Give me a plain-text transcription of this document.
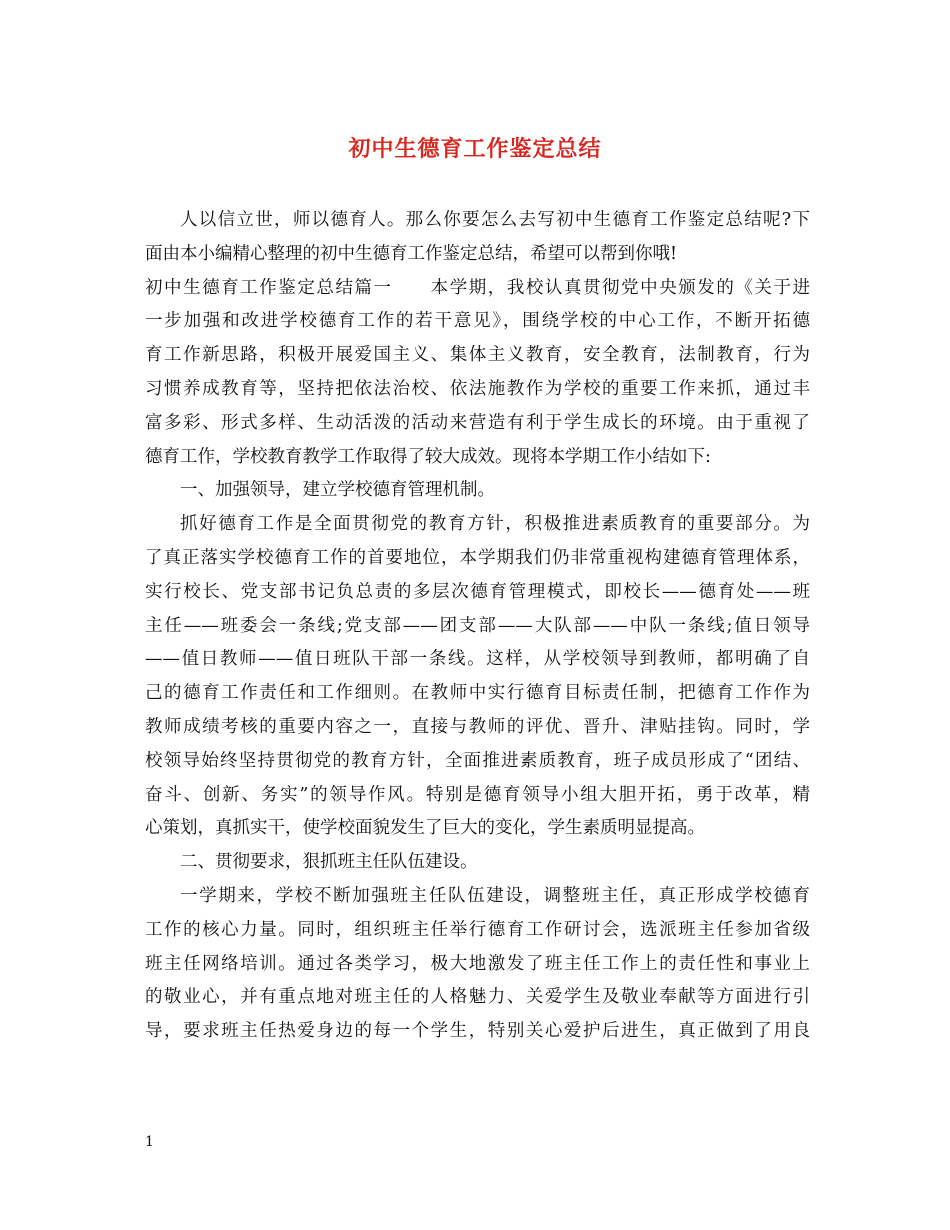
初中生德育工作鉴定总结
人以信立世，师以德育人。那么你要怎么去写初中生德育工作鉴定总结呢?下
面由本小编精心整理的初中生德育工作鉴定总结，希望可以帮到你哦!
初中生德育工作鉴定总结篇一　　本学期，我校认真贯彻党中央颁发的《关于进
一步加强和改进学校德育工作的若干意见》，围绕学校的中心工作，不断开拓德
育工作新思路，积极开展爱国主义、集体主义教育，安全教育，法制教育，行为
习惯养成教育等，坚持把依法治校、依法施教作为学校的重要工作来抓，通过丰
富多彩、形式多样、生动活泼的活动来营造有利于学生成长的环境。由于重视了
德育工作，学校教育教学工作取得了较大成效。现将本学期工作小结如下:
一、加强领导，建立学校德育管理机制。
抓好德育工作是全面贯彻党的教育方针，积极推进素质教育的重要部分。为
了真正落实学校德育工作的首要地位，本学期我们仍非常重视构建德育管理体系，
实行校长、党支部书记负总责的多层次德育管理模式，即校长——德育处——班
主任——班委会一条线;党支部——团支部——大队部——中队一条线;值日领导
——值日教师——值日班队干部一条线。这样，从学校领导到教师，都明确了自
己的德育工作责任和工作细则。在教师中实行德育目标责任制，把德育工作作为
教师成绩考核的重要内容之一，直接与教师的评优、晋升、津贴挂钩。同时，学
校领导始终坚持贯彻党的教育方针，全面推进素质教育，班子成员形成了“团结、
奋斗、创新、务实”的领导作风。特别是德育领导小组大胆开拓，勇于改革，精
心策划，真抓实干，使学校面貌发生了巨大的变化，学生素质明显提高。
二、贯彻要求，狠抓班主任队伍建设。
一学期来，学校不断加强班主任队伍建设，调整班主任，真正形成学校德育
工作的核心力量。同时，组织班主任举行德育工作研讨会，选派班主任参加省级
班主任网络培训。通过各类学习，极大地激发了班主任工作上的责任性和事业上
的敬业心，并有重点地对班主任的人格魅力、关爱学生及敬业奉献等方面进行引
导，要求班主任热爱身边的每一个学生，特别关心爱护后进生，真正做到了用良
1
